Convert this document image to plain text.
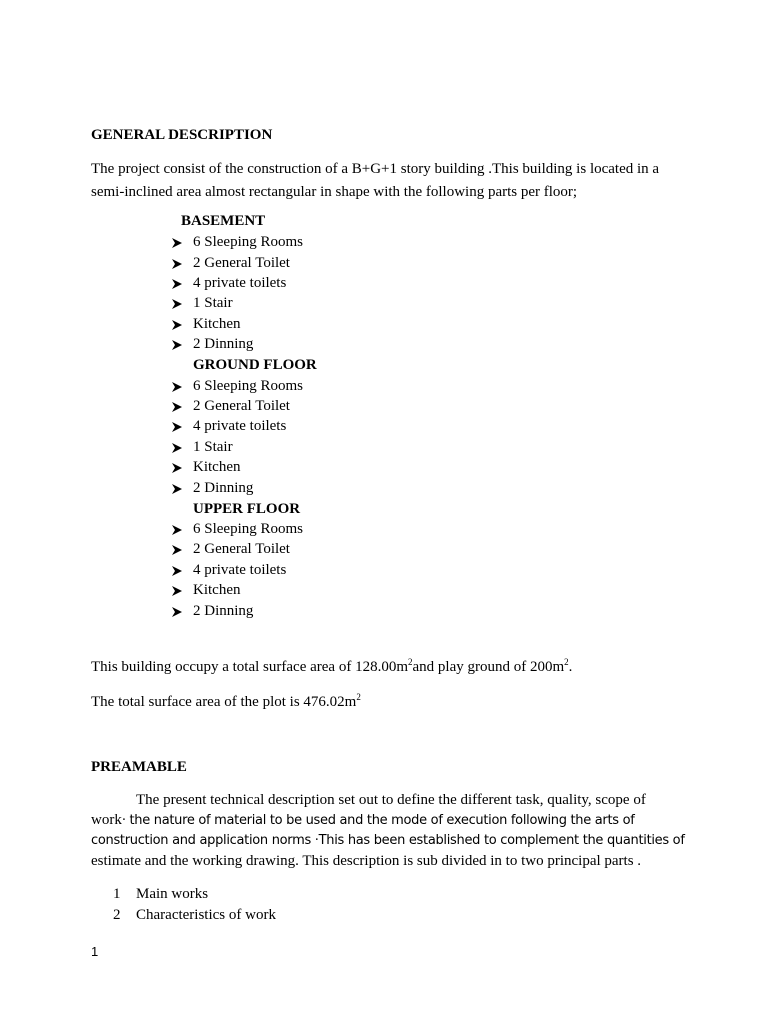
GENERAL DESCRIPTION
The project consist of the construction of a B+G+1 story building .This building is located in a
semi-inclined area almost rectangular in shape with the following parts per floor;
BASEMENT
6 Sleeping Rooms
2 General Toilet
4 private toilets
1 Stair
Kitchen
2 Dinning
GROUND FLOOR
6 Sleeping Rooms
2 General Toilet
4 private toilets
1 Stair
Kitchen
2 Dinning
UPPER FLOOR
6 Sleeping Rooms
2 General Toilet
4 private toilets
Kitchen
2 Dinning
This building occupy a total surface area of $128.00m^2and$ play ground of $200m^2$.
The total surface area of the plot is $476.02m^2$
PREAMABLE
The present technical description set out to define the different task, quality, scope of
work· the nature of material to be used and the mode of execution following the arts of
construction and application norms ·This has been established to complement the quantities of
estimate and the working drawing. This description is sub divided in to two principal parts .
1 Main works
2 Characteristics of work
1
